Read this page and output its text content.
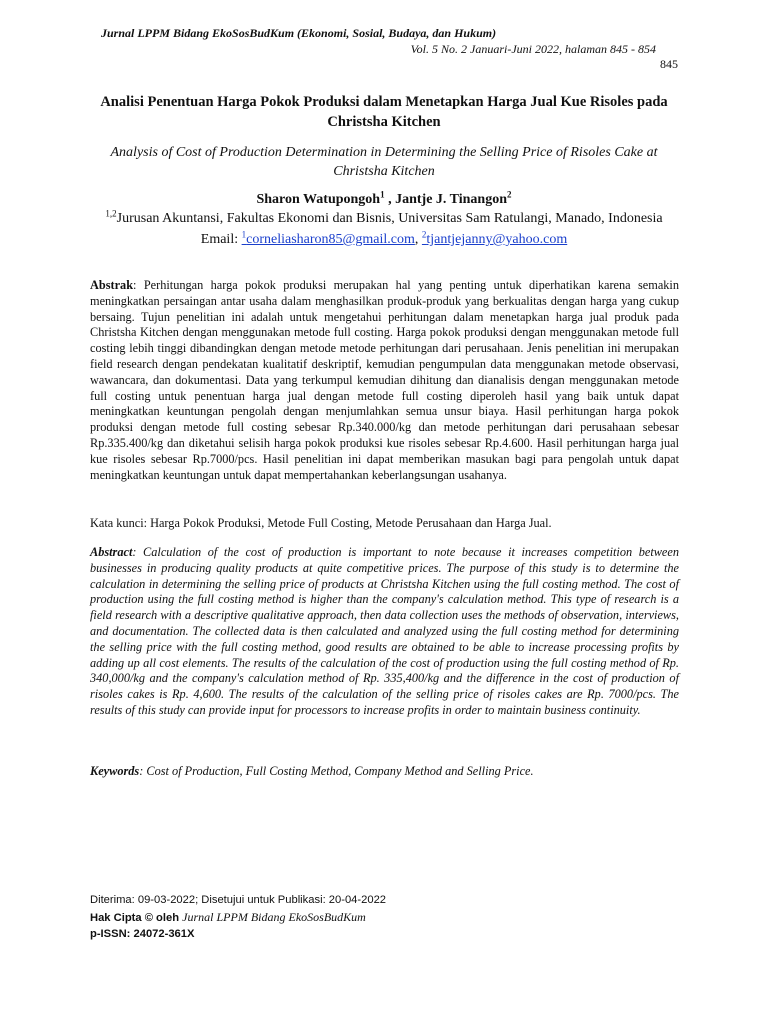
Jurnal LPPM Bidang EkoSosBudKum (Ekonomi, Sosial, Budaya, dan Hukum)
Vol. 5 No. 2 Januari-Juni 2022, halaman 845 - 854
845
Analisi Penentuan Harga Pokok Produksi dalam Menetapkan Harga Jual Kue Risoles pada
Christsha Kitchen
Analysis of Cost of Production Determination in Determining the Selling Price of Risoles Cake at
Christsha Kitchen
Sharon Watupongoh$^1$ , Jantje J. Tinangon$^2$
$^{1,2}$Jurusan Akuntansi, Fakultas Ekonomi dan Bisnis, Universitas Sam Ratulangi, Manado, Indonesia
Email: $^1$corneliasharon85@gmail.com, $^2$tjantjejanny@yahoo.com
Abstrak: Perhitungan harga pokok produksi merupakan hal yang penting untuk diperhatikan karena semakin meningkatkan persaingan antar usaha dalam menghasilkan produk-produk yang berkualitas dengan harga yang cukup bersaing. Tujun penelitian ini adalah untuk mengetahui perhitungan dalam menetapkan harga jual produk pada Christsha Kitchen dengan menggunakan metode full costing. Harga pokok produksi dengan menggunakan metode full costing lebih tinggi dibandingkan dengan metode metode perhitungan dari perusahaan. Jenis penelitian ini merupakan field research dengan pendekatan kualitatif deskriptif, kemudian pengumpulan data menggunakan metode observasi, wawancara, dan dokumentasi. Data yang terkumpul kemudian dihitung dan dianalisis dengan menggunakan metode full costing untuk penentuan harga jual dengan metode full costing diperoleh hasil yang baik untuk dapat meningkatkan keuntungan pengolah dengan menjumlahkan semua unsur biaya. Hasil perhitungan harga pokok produksi dengan metode full costing sebesar Rp.340.000/kg dan metode perhitungan dari perusahaan sebesar Rp.335.400/kg dan diketahui selisih harga pokok produksi kue risoles sebesar Rp.4.600. Hasil perhitungan harga jual kue risoles sebesar Rp.7000/pcs. Hasil penelitian ini dapat memberikan masukan bagi para pengolah untuk dapat meningkatkan keuntungan untuk dapat mempertahankan keberlangsungan usahanya.
Kata kunci: Harga Pokok Produksi, Metode Full Costing, Metode Perusahaan dan Harga Jual.
Abstract: Calculation of the cost of production is important to note because it increases competition between businesses in producing quality products at quite competitive prices. The purpose of this study is to determine the calculation in determining the selling price of products at Christsha Kitchen using the full costing method. The cost of production using the full costing method is higher than the company's calculation method. This type of research is a field research with a descriptive qualitative approach, then data collection uses the methods of observation, interviews, and documentation. The collected data is then calculated and analyzed using the full costing method for determining the selling price with the full costing method, good results are obtained to be able to increase processing profits by adding up all cost elements. The results of the calculation of the cost of production using the full costing method of Rp. 340,000/kg and the company's calculation method of Rp. 335,400/kg and the difference in the cost of production of risoles cakes is Rp. 4,600. The results of the calculation of the selling price of risoles cakes are Rp. 7000/pcs. The results of this study can provide input for processors to increase profits in order to maintain business continuity.
Keywords: Cost of Production, Full Costing Method, Company Method and Selling Price.
Diterima: 09-03-2022; Disetujui untuk Publikasi: 20-04-2022
Hak Cipta © oleh Jurnal LPPM Bidang EkoSosBudKum
p-ISSN: 24072-361X
